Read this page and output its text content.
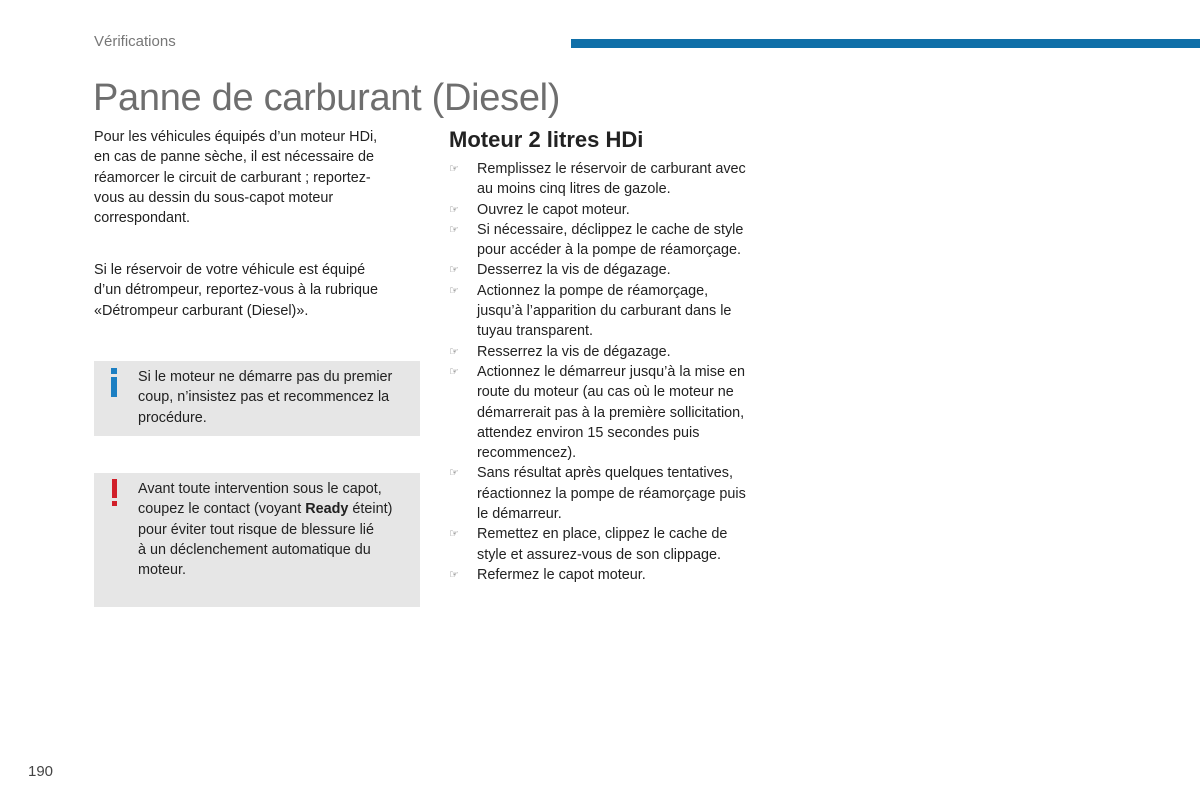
Vérifications
Panne de carburant (Diesel)

Pour les véhicules équipés d’un moteur HDi,
en cas de panne sèche, il est nécessaire de
réamorcer le circuit de carburant ; reportez-
vous au dessin du sous-capot moteur
correspondant.

Si le réservoir de votre véhicule est équipé
d’un détrompeur, reportez-vous à la rubrique
«Détrompeur carburant (Diesel)».

Si le moteur ne démarre pas du premier
coup, n’insistez pas et recommencez la
procédure.
Avant toute intervention sous le capot,
coupez le contact (voyant Ready éteint)
pour éviter tout risque de blessure lié
à un déclenchement automatique du
moteur.
Moteur 2 litres HDi
☞ Remplissez le réservoir de carburant avec
au moins cinq litres de gazole.
☞ Ouvrez le capot moteur.
☞ Si nécessaire, déclippez le cache de style
pour accéder à la pompe de réamorçage.
☞ Desserrez la vis de dégazage.
☞ Actionnez la pompe de réamorçage,
jusqu’à l’apparition du carburant dans le
tuyau transparent.
☞ Resserrez la vis de dégazage.
☞ Actionnez le démarreur jusqu’à la mise en
route du moteur (au cas où le moteur ne
démarrerait pas à la première sollicitation,
attendez environ 15 secondes puis
recommencez).
☞ Sans résultat après quelques tentatives,
réactionnez la pompe de réamorçage puis
le démarreur.
☞ Remettez en place, clippez le cache de
style et assurez-vous de son clippage.
☞ Refermez le capot moteur.
190
